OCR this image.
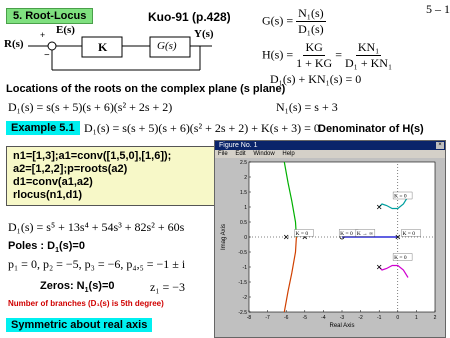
5. Root-Locus	Kuo-91 (p.428)
5 – 1
R(s)
+ E(s)
−
K	G(s)
Y(s)
$G(s) = \frac{\text{N₁(s)}}{\text{D₁(s)}}$
$H(s) = \frac{KG}{1 + KG} = \frac{\text{KN₁}}{\text{D₁ + KN₁}}$
D₁(s) + KN₁(s) = 0
Locations of the roots on the complex plane (s plane)
D₁(s) = s(s + 5)(s + 6)(s² + 2s + 2)	N₁(s) = s + 3
Example 5.1 D₁(s) = s(s + 5)(s + 6)(s² + 2s + 2) + K(s + 3) = 0
Denominator of H(s)
n1=[1,3];a1=conv([1,5,0],[1,6]);
a2=[1,2,2];p=roots(a2)
d1=conv(a1,a2)
rlocus(n1,d1)
D₁(s) = s⁵ + 13s⁴ + 54s³ + 82s² + 60s
Poles : $D_1(s)=0$
p₁ = 0, p₂ = −5, p₃ = −6, p₄,₅ = −1 ± i
Zeros: $N_1(s)=0$	z₁ = −3
Number of branches (D₁(s) is 5th degree)
Symmetric about real axis
Figure No. 1	×
File Edit Window Help
-8	-7	-6	-5	-4	-3	-2	-1	0	1	2
2.5
2
1.5
1
0.5
0
-0.5
-1
-1.5
-2
-2.5
Real Axis
Imag Axis
K = 0
K = 0	K = 0	K = 0
K = 0
K → ∞
